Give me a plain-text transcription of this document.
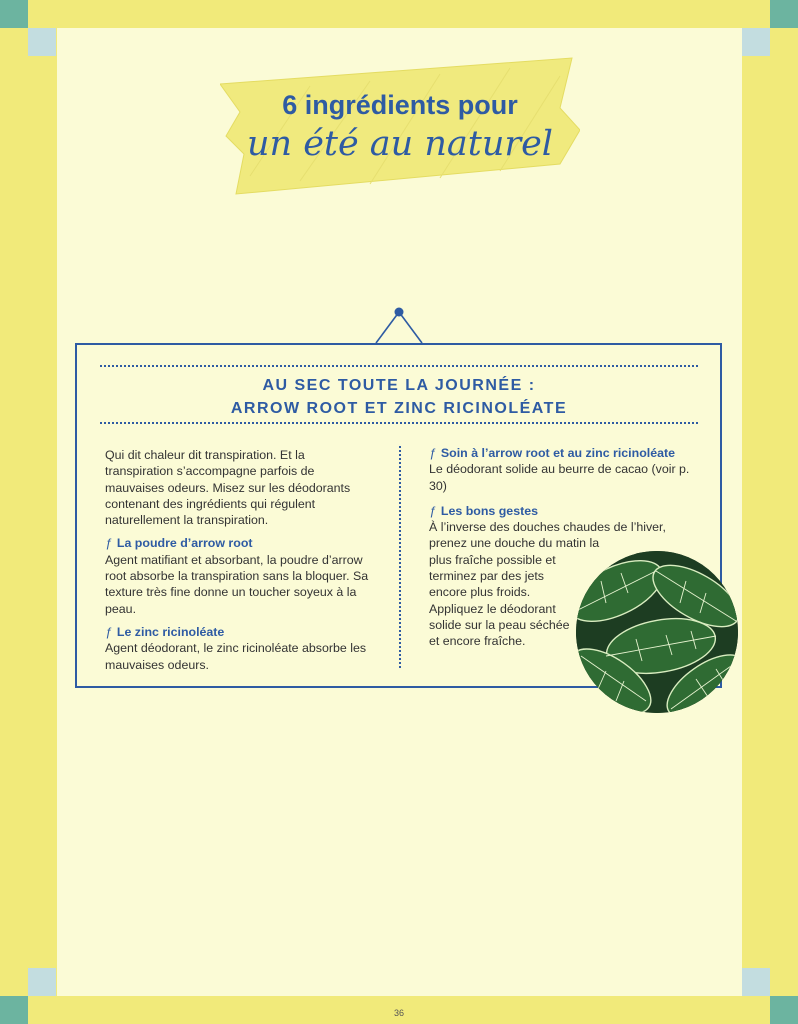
6 ingrédients pour
un été au naturel
AU SEC TOUTE LA JOURNÉE :
ARROW ROOT ET ZINC RICINOLÉATE

Qui dit chaleur dit transpiration. Et la transpiration s’accompagne parfois de mauvaises odeurs. Misez sur les déodorants contenant des ingrédients qui régulent naturellement la transpiration.

ƒ La poudre d’arrow root

Agent matifiant et absorbant, la poudre d’arrow root absorbe la transpiration sans la bloquer. Sa texture très fine donne un toucher soyeux à la peau.

ƒ Le zinc ricinoléate

Agent déodorant, le zinc ricinoléate absorbe les mauvaises odeurs.

ƒ Soin à l’arrow root et au zinc ricinoléate

Le déodorant solide au beurre de cacao (voir p. 30)

ƒ Les bons gestes
À l’inverse des douches chaudes de l’hiver,
prenez une douche du matin la
plus fraîche possible et terminez par des jets encore plus froids. Appliquez le déodorant solide sur la peau séchée et encore fraîche.
36
